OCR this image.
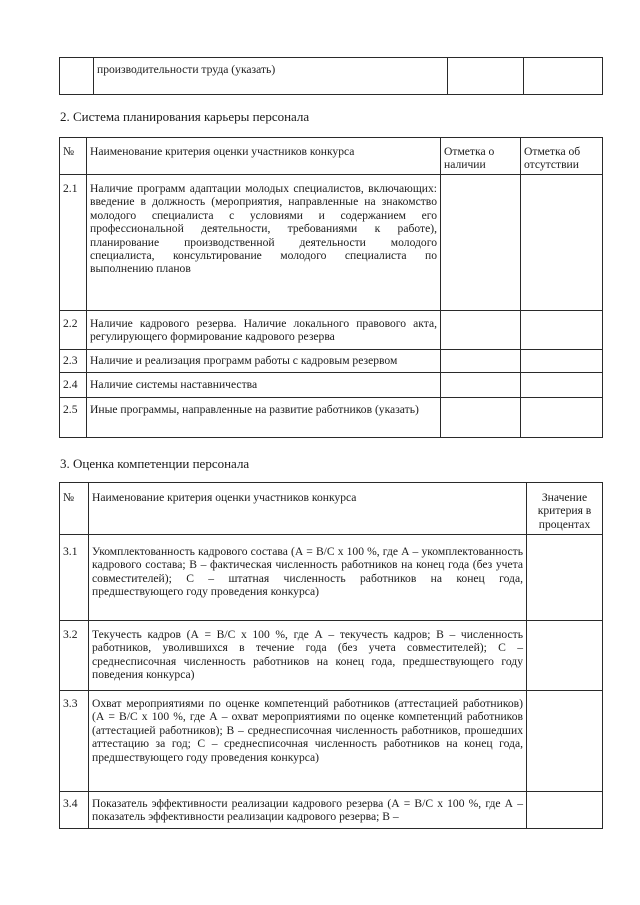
	производительности труда (указать)		
2. Система планирования карьеры персонала
№	Наименование критерия оценки участников конкурса	Отметка о наличии	Отметка об отсутствии
2.1	Наличие программ адаптации молодых специалистов, включающих: введение в должность (мероприятия, направленные на знакомство молодого специалиста с условиями и содержанием его профессиональной деятельности, требованиями к работе), планирование производственной деятельности молодого специалиста, консультирование молодого специалиста по выполнению планов		
2.2	Наличие кадрового резерва. Наличие локального правового акта, регулирующего формирование кадрового резерва		
2.3	Наличие и реализация программ работы с кадровым резервом		
2.4	Наличие системы наставничества		
2.5	Иные программы, направленные на развитие работников (указать)		
3. Оценка компетенции персонала
№	Наименование критерия оценки участников конкурса	Значение критерия в процентах
3.1	Укомплектованность кадрового состава (А = В/С x 100 %, где А – укомплектованность кадрового состава; В – фактическая численность работников на конец года (без учета совместителей); С – штатная численность работников на конец года, предшествующего году проведения конкурса)	
3.2	Текучесть кадров (А = В/С x 100 %, где А – текучесть кадров; В – численность работников, уволившихся в течение года (без учета совместителей); С – среднесписочная численность работников на конец года, предшествующего году поведения конкурса)	
3.3	Охват мероприятиями по оценке компетенций работников (аттестацией работников) (А = В/С x 100 %, где А – охват мероприятиями по оценке компетенций работников (аттестацией работников); В – среднесписочная численность работников, прошедших аттестацию за год; С – среднесписочная численность работников на конец года, предшествующего году проведения конкурса)	
3.4	Показатель эффективности реализации кадрового резерва (А = В/С x 100 %, где А – показатель эффективности реализации кадрового резерва; В –	
